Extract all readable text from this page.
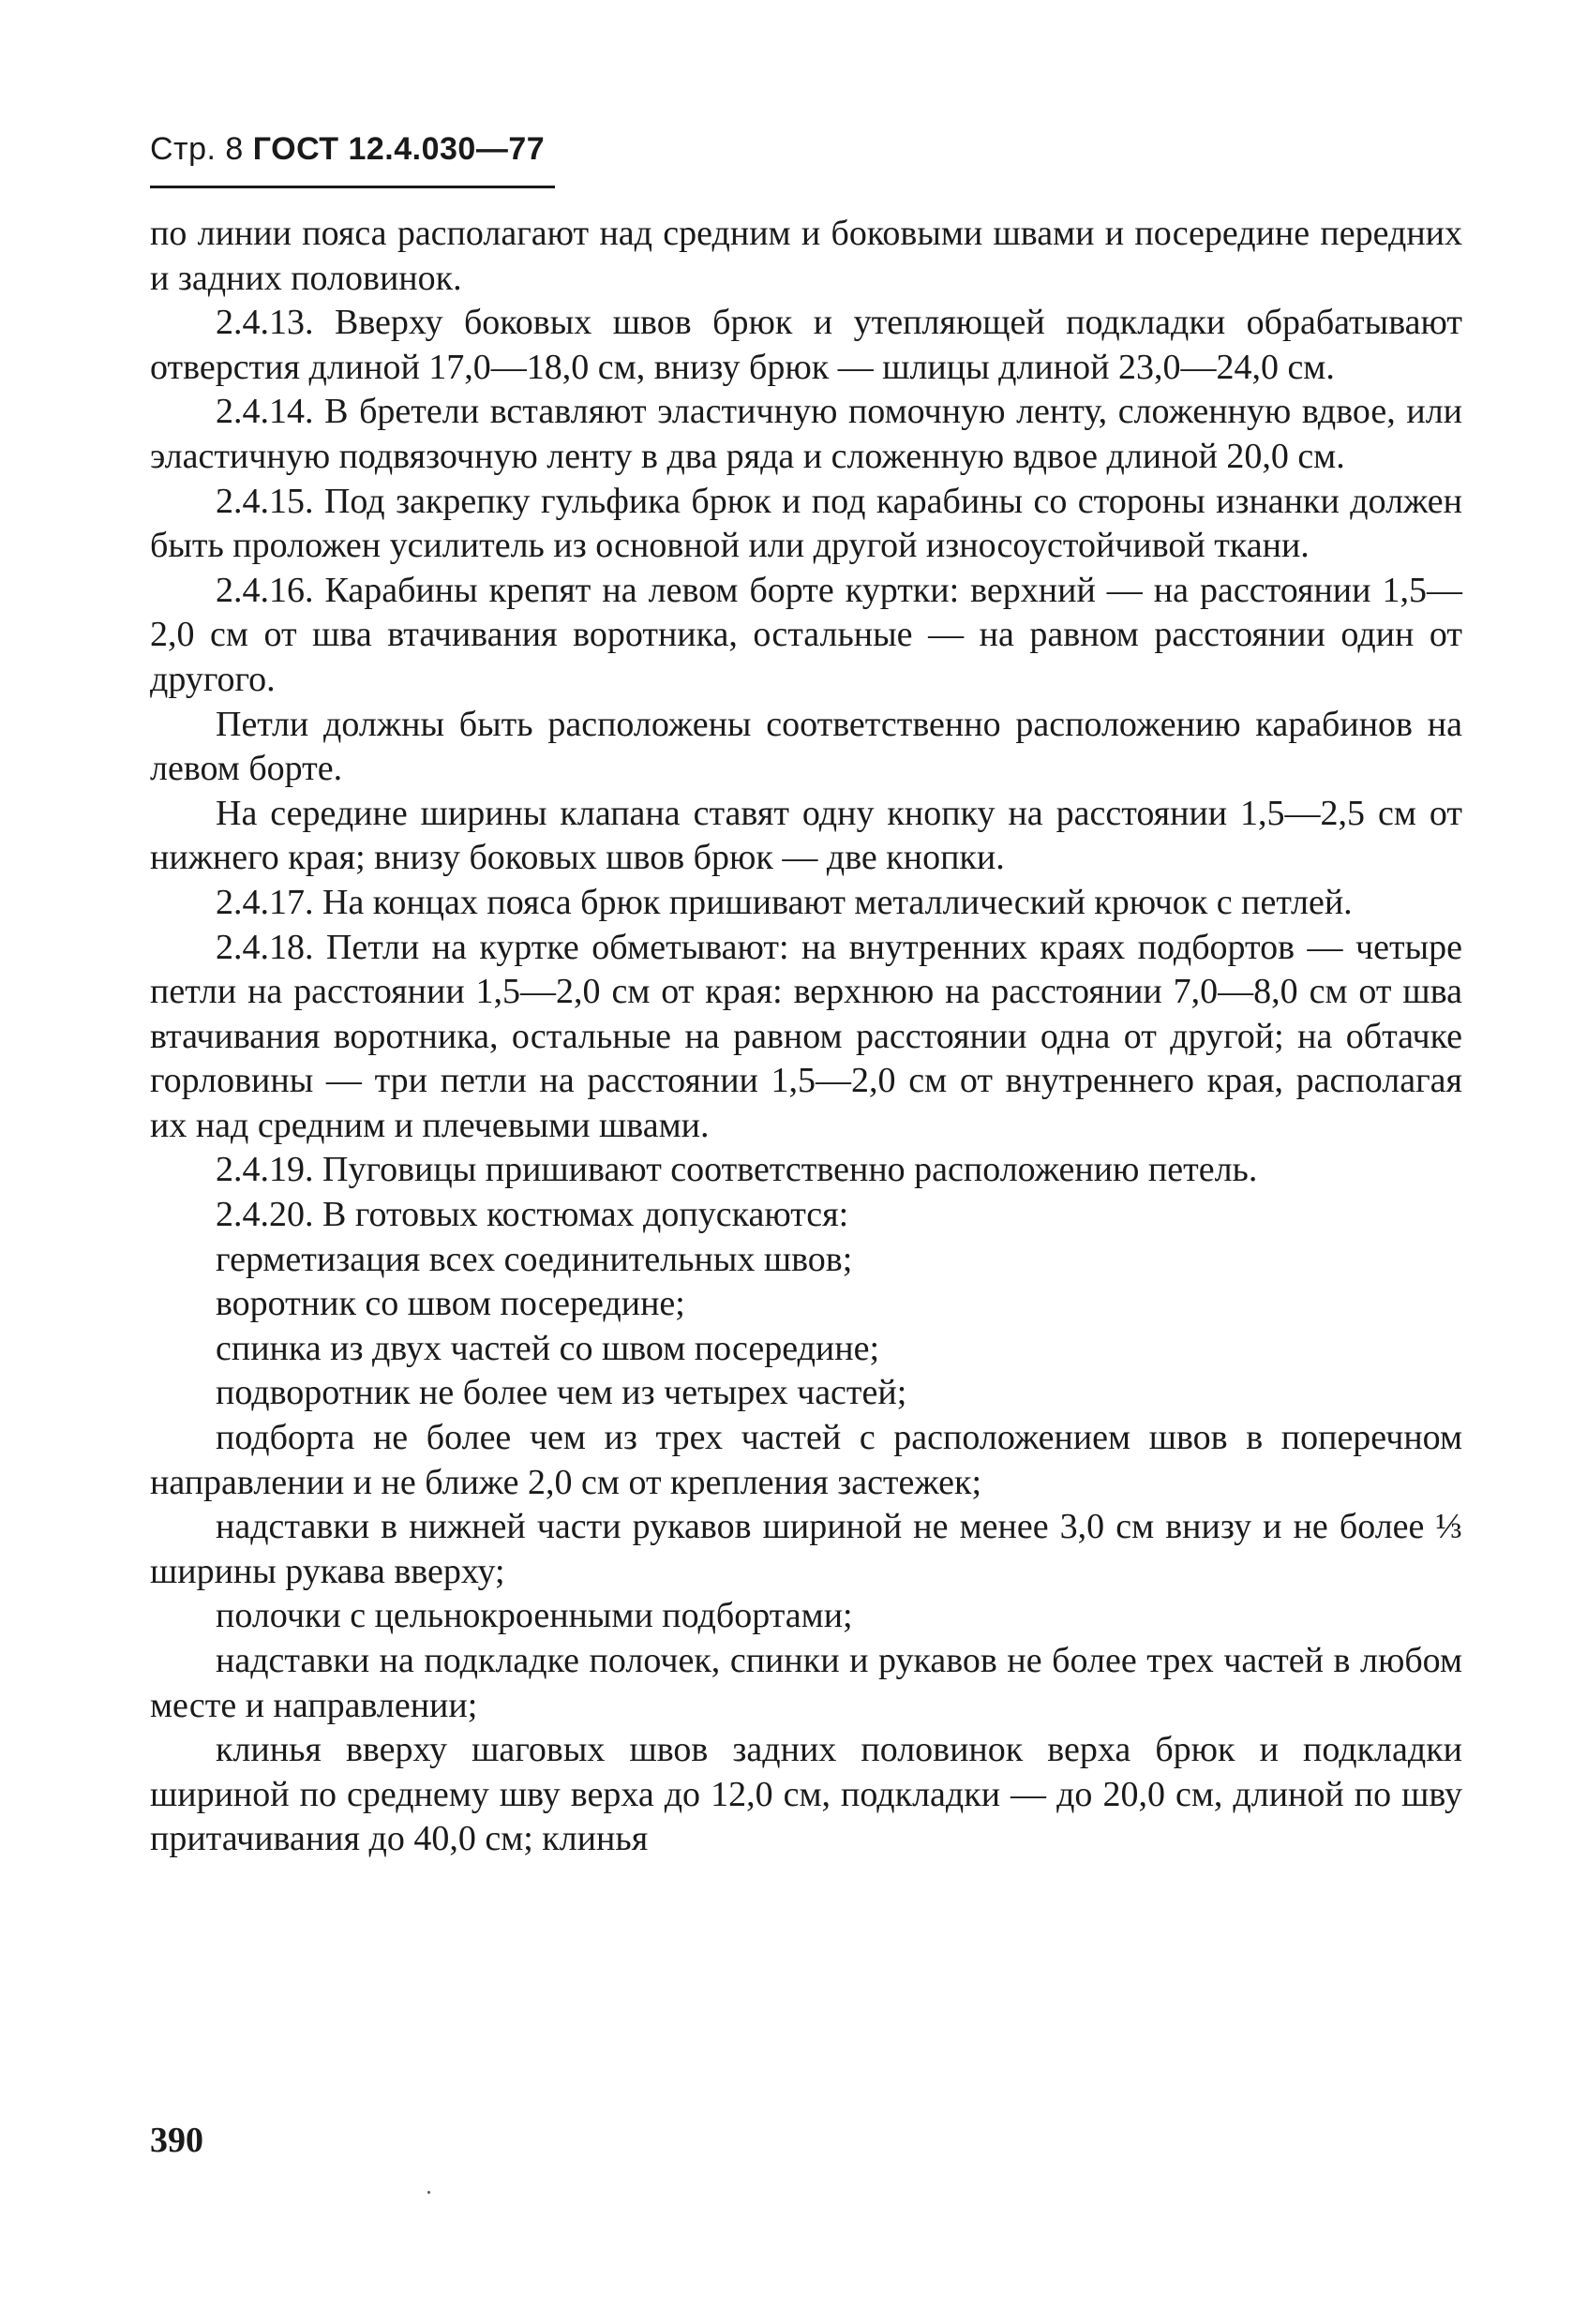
Стр. 8 ГОСТ 12.4.030—77

по линии пояса располагают над средним и боковыми швами и посередине передних и задних половинок.

2.4.13. Вверху боковых швов брюк и утепляющей подкладки обрабатывают отверстия длиной 17,0—18,0 см, внизу брюк — шлицы длиной 23,0—24,0 см.

2.4.14. В бретели вставляют эластичную помочную ленту, сложенную вдвое, или эластичную подвязочную ленту в два ряда и сложенную вдвое длиной 20,0 см.

2.4.15. Под закрепку гульфика брюк и под карабины со стороны изнанки должен быть проложен усилитель из основной или другой износоустойчивой ткани.

2.4.16. Карабины крепят на левом борте куртки: верхний — на расстоянии 1,5—2,0 см от шва втачивания воротника, остальные — на равном расстоянии один от другого.

Петли должны быть расположены соответственно расположению карабинов на левом борте.

На середине ширины клапана ставят одну кнопку на расстоянии 1,5—2,5 см от нижнего края; внизу боковых швов брюк — две кнопки.

2.4.17. На концах пояса брюк пришивают металлический крючок с петлей.

2.4.18. Петли на куртке обметывают: на внутренних краях подбортов — четыре петли на расстоянии 1,5—2,0 см от края: верхнюю на расстоянии 7,0—8,0 см от шва втачивания воротника, остальные на равном расстоянии одна от другой; на обтачке горловины — три петли на расстоянии 1,5—2,0 см от внутреннего края, располагая их над средним и плечевыми швами.

2.4.19. Пуговицы пришивают соответственно расположению петель.

2.4.20. В готовых костюмах допускаются:

герметизация всех соединительных швов;

воротник со швом посередине;

спинка из двух частей со швом посередине;

подворотник не более чем из четырех частей;

подборта не более чем из трех частей с расположением швов в поперечном направлении и не ближе 2,0 см от крепления застежек;

надставки в нижней части рукавов шириной не менее 3,0 см внизу и не более ⅓ ширины рукава вверху;

полочки с цельнокроенными подбортами;

надставки на подкладке полочек, спинки и рукавов не более трех частей в любом месте и направлении;

клинья вверху шаговых швов задних половинок верха брюк и подкладки шириной по среднему шву верха до 12,0 см, подкладки — до 20,0 см, длиной по шву притачивания до 40,0 см; клинья

390
